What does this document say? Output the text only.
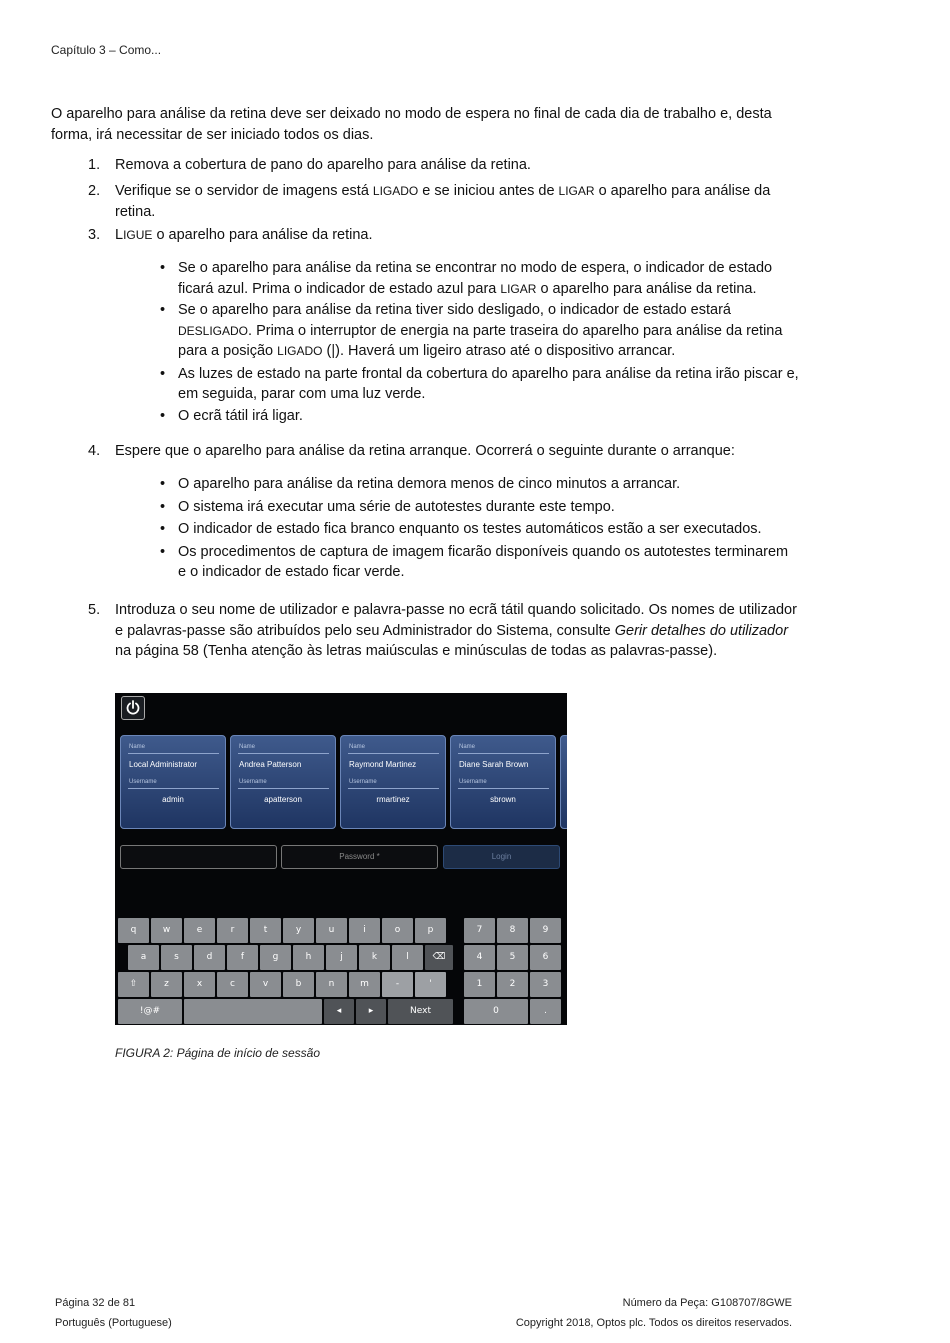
Capítulo 3 – Como...
O aparelho para análise da retina deve ser deixado no modo de espera no final de cada dia de trabalho e, desta forma, irá necessitar de ser iniciado todos os dias.
1.	Remova a cobertura de pano do aparelho para análise da retina.
2.	Verifique se o servidor de imagens está LIGADO e se iniciou antes de LIGAR o aparelho para análise da retina.
3.	LIGUE o aparelho para análise da retina.
• Se o aparelho para análise da retina se encontrar no modo de espera, o indicador de estado ficará azul. Prima o indicador de estado azul para LIGAR o aparelho para análise da retina.
• Se o aparelho para análise da retina tiver sido desligado, o indicador de estado estará DESLIGADO. Prima o interruptor de energia na parte traseira do aparelho para análise da retina para a posição LIGADO (|). Haverá um ligeiro atraso até o dispositivo arrancar.
• As luzes de estado na parte frontal da cobertura do aparelho para análise da retina irão piscar e, em seguida, parar com uma luz verde.
• O ecrã tátil irá ligar.
4.	Espere que o aparelho para análise da retina arranque. Ocorrerá o seguinte durante o arranque:
• O aparelho para análise da retina demora menos de cinco minutos a arrancar.
• O sistema irá executar uma série de autotestes durante este tempo.
• O indicador de estado fica branco enquanto os testes automáticos estão a ser executados.
• Os procedimentos de captura de imagem ficarão disponíveis quando os autotestes terminarem e o indicador de estado ficar verde.
5.	Introduza o seu nome de utilizador e palavra-passe no ecrã tátil quando solicitado. Os nomes de utilizador e palavras-passe são atribuídos pelo seu Administrador do Sistema, consulte Gerir detalhes do utilizador na página 58 (Tenha atenção às letras maiúsculas e minúsculas de todas as palavras-passe).
Name
Local Administrator
Username
admin
Name
Andrea Patterson
Username
apatterson
Name
Raymond Martinez
Username
rmartinez
Name
Diane Sarah Brown
Username
sbrown
Password *	Login
q	w	e	r	t	y	u	i	o	p
a	s	d	f	g	h	j	k	l	⌫
⇧	z	x	c	v	b	n	m	-	'
!@#	◂	▸	Next
7	8	9
4	5	6
1	2	3
0	.
FIGURA 2: Página de início de sessão
Página 32 de 81
Português (Portuguese)
Número da Peça: G108707/8GWE
Copyright 2018, Optos plc. Todos os direitos reservados.
